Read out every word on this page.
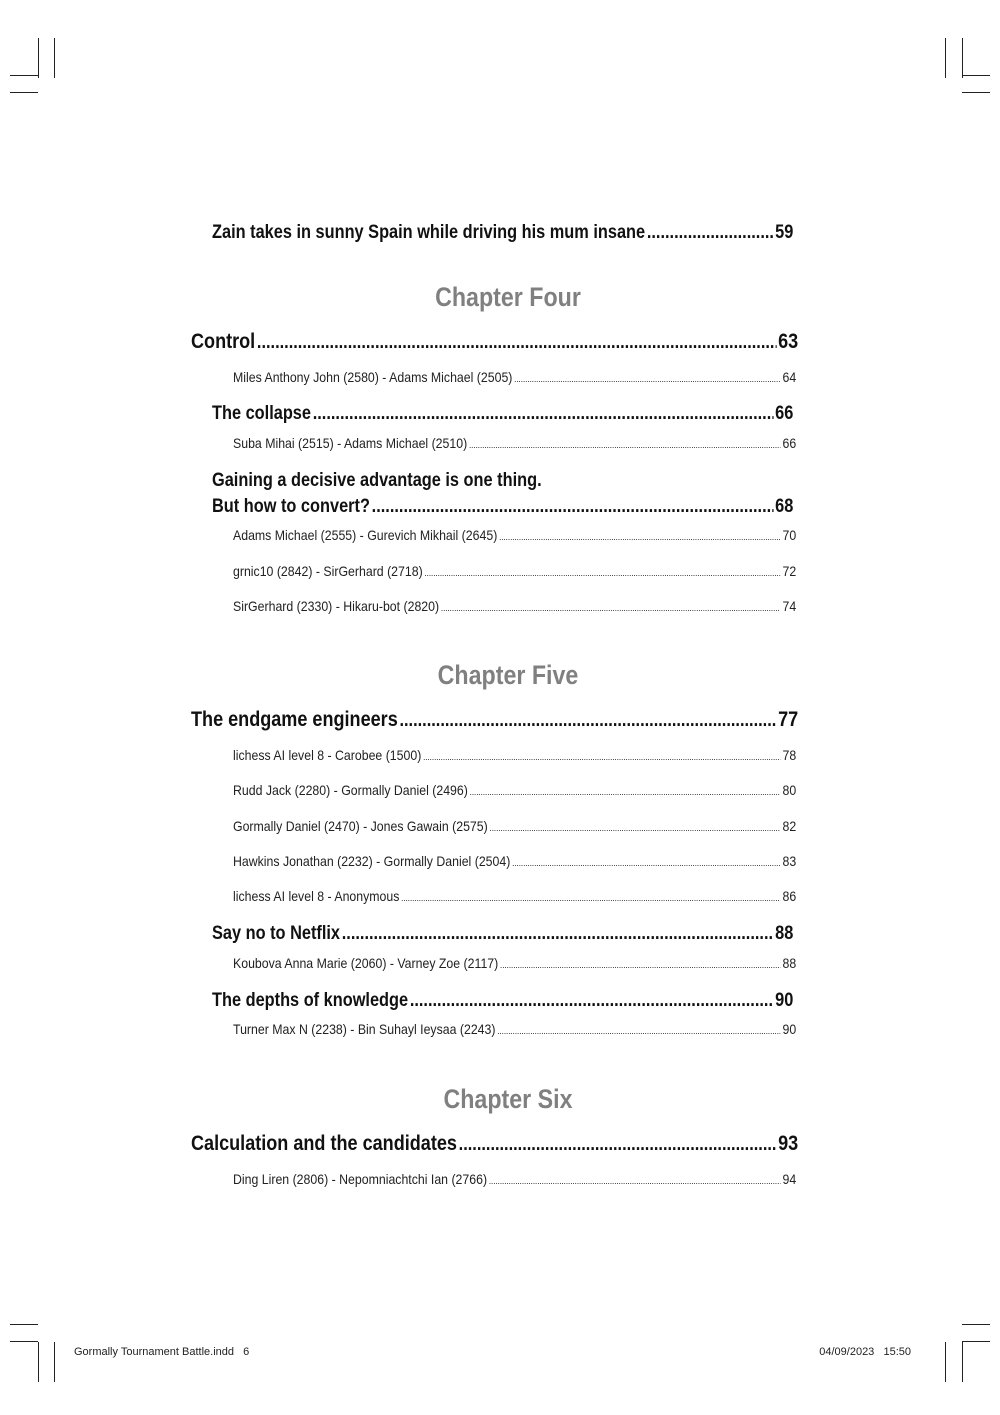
Zain takes in sunny Spain while driving his mum insane .....	59
Chapter Four
Control .....	63
Miles Anthony John (2580) - Adams Michael (2505) .....	64
The collapse .....	66
Suba Mihai (2515) - Adams Michael (2510) .....	66
Gaining a decisive advantage is one thing.
But how to convert? .....	68
Adams Michael (2555) - Gurevich Mikhail (2645) .....	70
grnic10 (2842) - SirGerhard (2718) .....	72
SirGerhard (2330) - Hikaru-bot (2820) .....	74
Chapter Five
The endgame engineers .....	77
lichess AI level 8 - Carobee (1500) .....	78
Rudd Jack (2280) - Gormally Daniel (2496) .....	80
Gormally Daniel (2470) - Jones Gawain (2575) .....	82
Hawkins Jonathan (2232) - Gormally Daniel (2504) .....	83
lichess AI level 8 - Anonymous .....	86
Say no to Netflix .....	88
Koubova Anna Marie (2060) - Varney Zoe (2117) .....	88
The depths of knowledge .....	90
Turner Max N (2238) - Bin Suhayl Ieysaa (2243) .....	90
Chapter Six
Calculation and the candidates .....	93
Ding Liren (2806) - Nepomniachtchi Ian (2766) .....	94
Gormally Tournament Battle.indd   6	04/09/2023   15:50
